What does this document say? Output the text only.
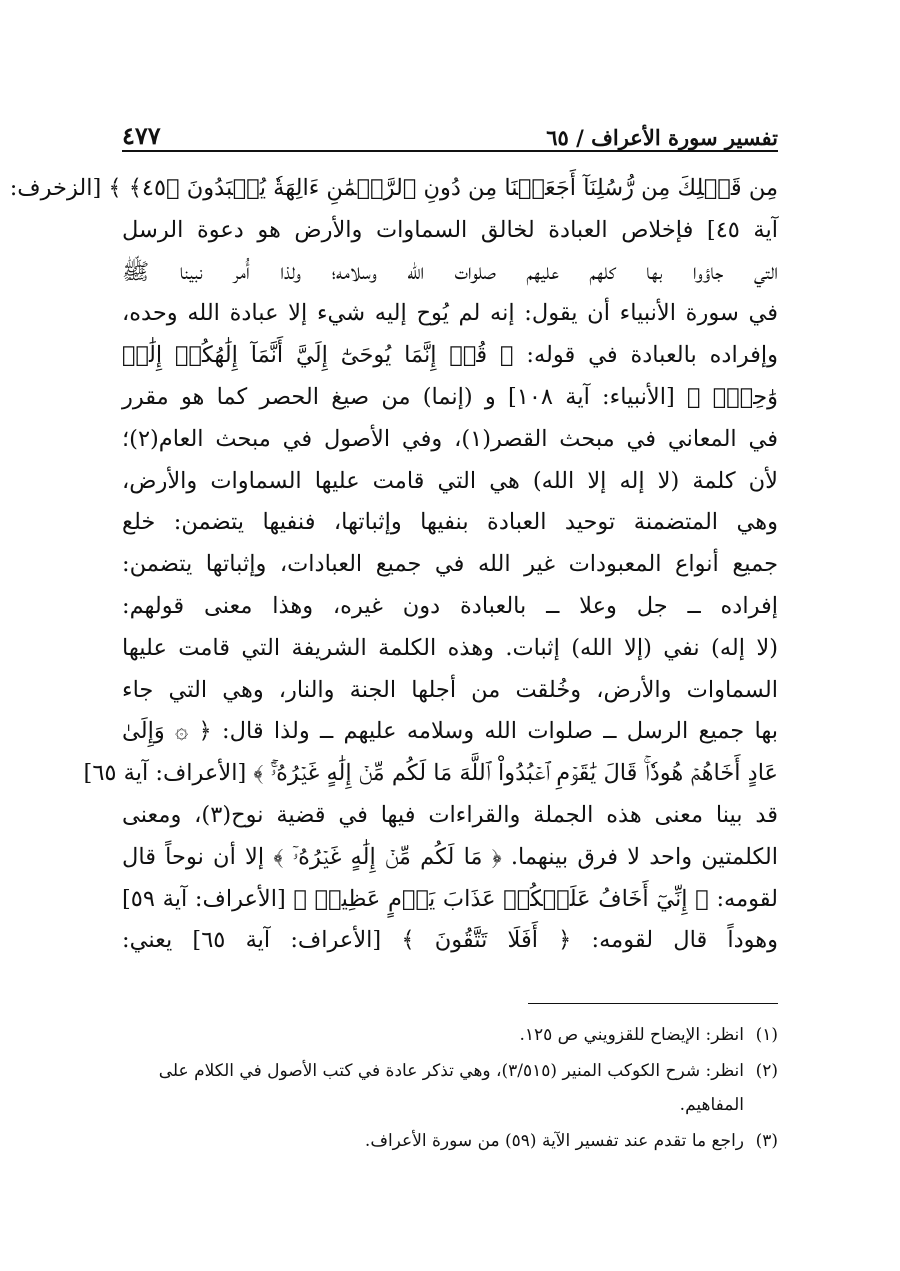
تفسير سورة الأعراف / ٦٥
٤٧٧
مِن قَبۡلِكَ مِن رُّسُلِنَآ أَجَعَلۡنَا مِن دُونِ ٱلرَّحۡمَٰنِ ءَالِهَةٗ يُعۡبَدُونَ ﴿٤٥﴾ ﴾ [الزخرف:
آية ٤٥] فإخلاص العبادة لخالق السماوات والأرض هو دعوة الرسل
التي جاؤوا بها كلهم عليهم صلوات الله وسلامه؛ ولذا أُمر نبينا ﷺ
في سورة الأنبياء أن يقول: إنه لم يُوح إليه شيء إلا عبادة الله وحده،
وإفراده بالعبادة في قوله: ﴿ قُلۡ إِنَّمَا يُوحَىٰٓ إِلَيَّ أَنَّمَآ إِلَٰهُكُمۡ إِلَٰهٞ
وَٰحِدٞۖ ﴾ [الأنبياء: آية ١٠٨] و (إنما) من صيغ الحصر كما هو مقرر
في المعاني في مبحث القصر(١)، وفي الأصول في مبحث العام(٢)؛
لأن كلمة (لا إله إلا الله) هي التي قامت عليها السماوات والأرض،
وهي المتضمنة توحيد العبادة بنفيها وإثباتها، فنفيها يتضمن: خلع
جميع أنواع المعبودات غير الله في جميع العبادات، وإثباتها يتضمن:
إفراده ــ جل وعلا ــ بالعبادة دون غيره، وهذا معنى قولهم:
(لا إله) نفي (إلا الله) إثبات. وهذه الكلمة الشريفة التي قامت عليها
السماوات والأرض، وخُلقت من أجلها الجنة والنار، وهي التي جاء
بها جميع الرسل ــ صلوات الله وسلامه عليهم ــ ولذا قال: ﴿ ۞ وَإِلَىٰ
عَادٍ أَخَاهُمۡ هُودٗاۚ قَالَ يَٰقَوۡمِ ٱعۡبُدُواْ ٱللَّهَ مَا لَكُم مِّنۡ إِلَٰهٍ غَيۡرُهُۥٓۚ ﴾ [الأعراف: آية ٦٥]
قد بينا معنى هذه الجملة والقراءات فيها في قضية نوح(٣)، ومعنى
الكلمتين واحد لا فرق بينهما. ﴿ مَا لَكُم مِّنۡ إِلَٰهٍ غَيۡرُهُۥٓ ﴾ إلا أن نوحاً قال
لقومه: ﴿ إِنِّيٓ أَخَافُ عَلَيۡكُمۡ عَذَابَ يَوۡمٍ عَظِيمٖ ﴾ [الأعراف: آية ٥٩]
وهوداً قال لقومه: ﴿ أَفَلَا تَتَّقُونَ ﴾ [الأعراف: آية ٦٥] يعني:
(١)
انظر: الإيضاح للقزويني ص ١٢٥.
(٢)
انظر: شرح الكوكب المنير (٣/٥١٥)، وهي تذكر عادة في كتب الأصول في الكلام على المفاهيم.
(٣)
راجع ما تقدم عند تفسير الآية (٥٩) من سورة الأعراف.
